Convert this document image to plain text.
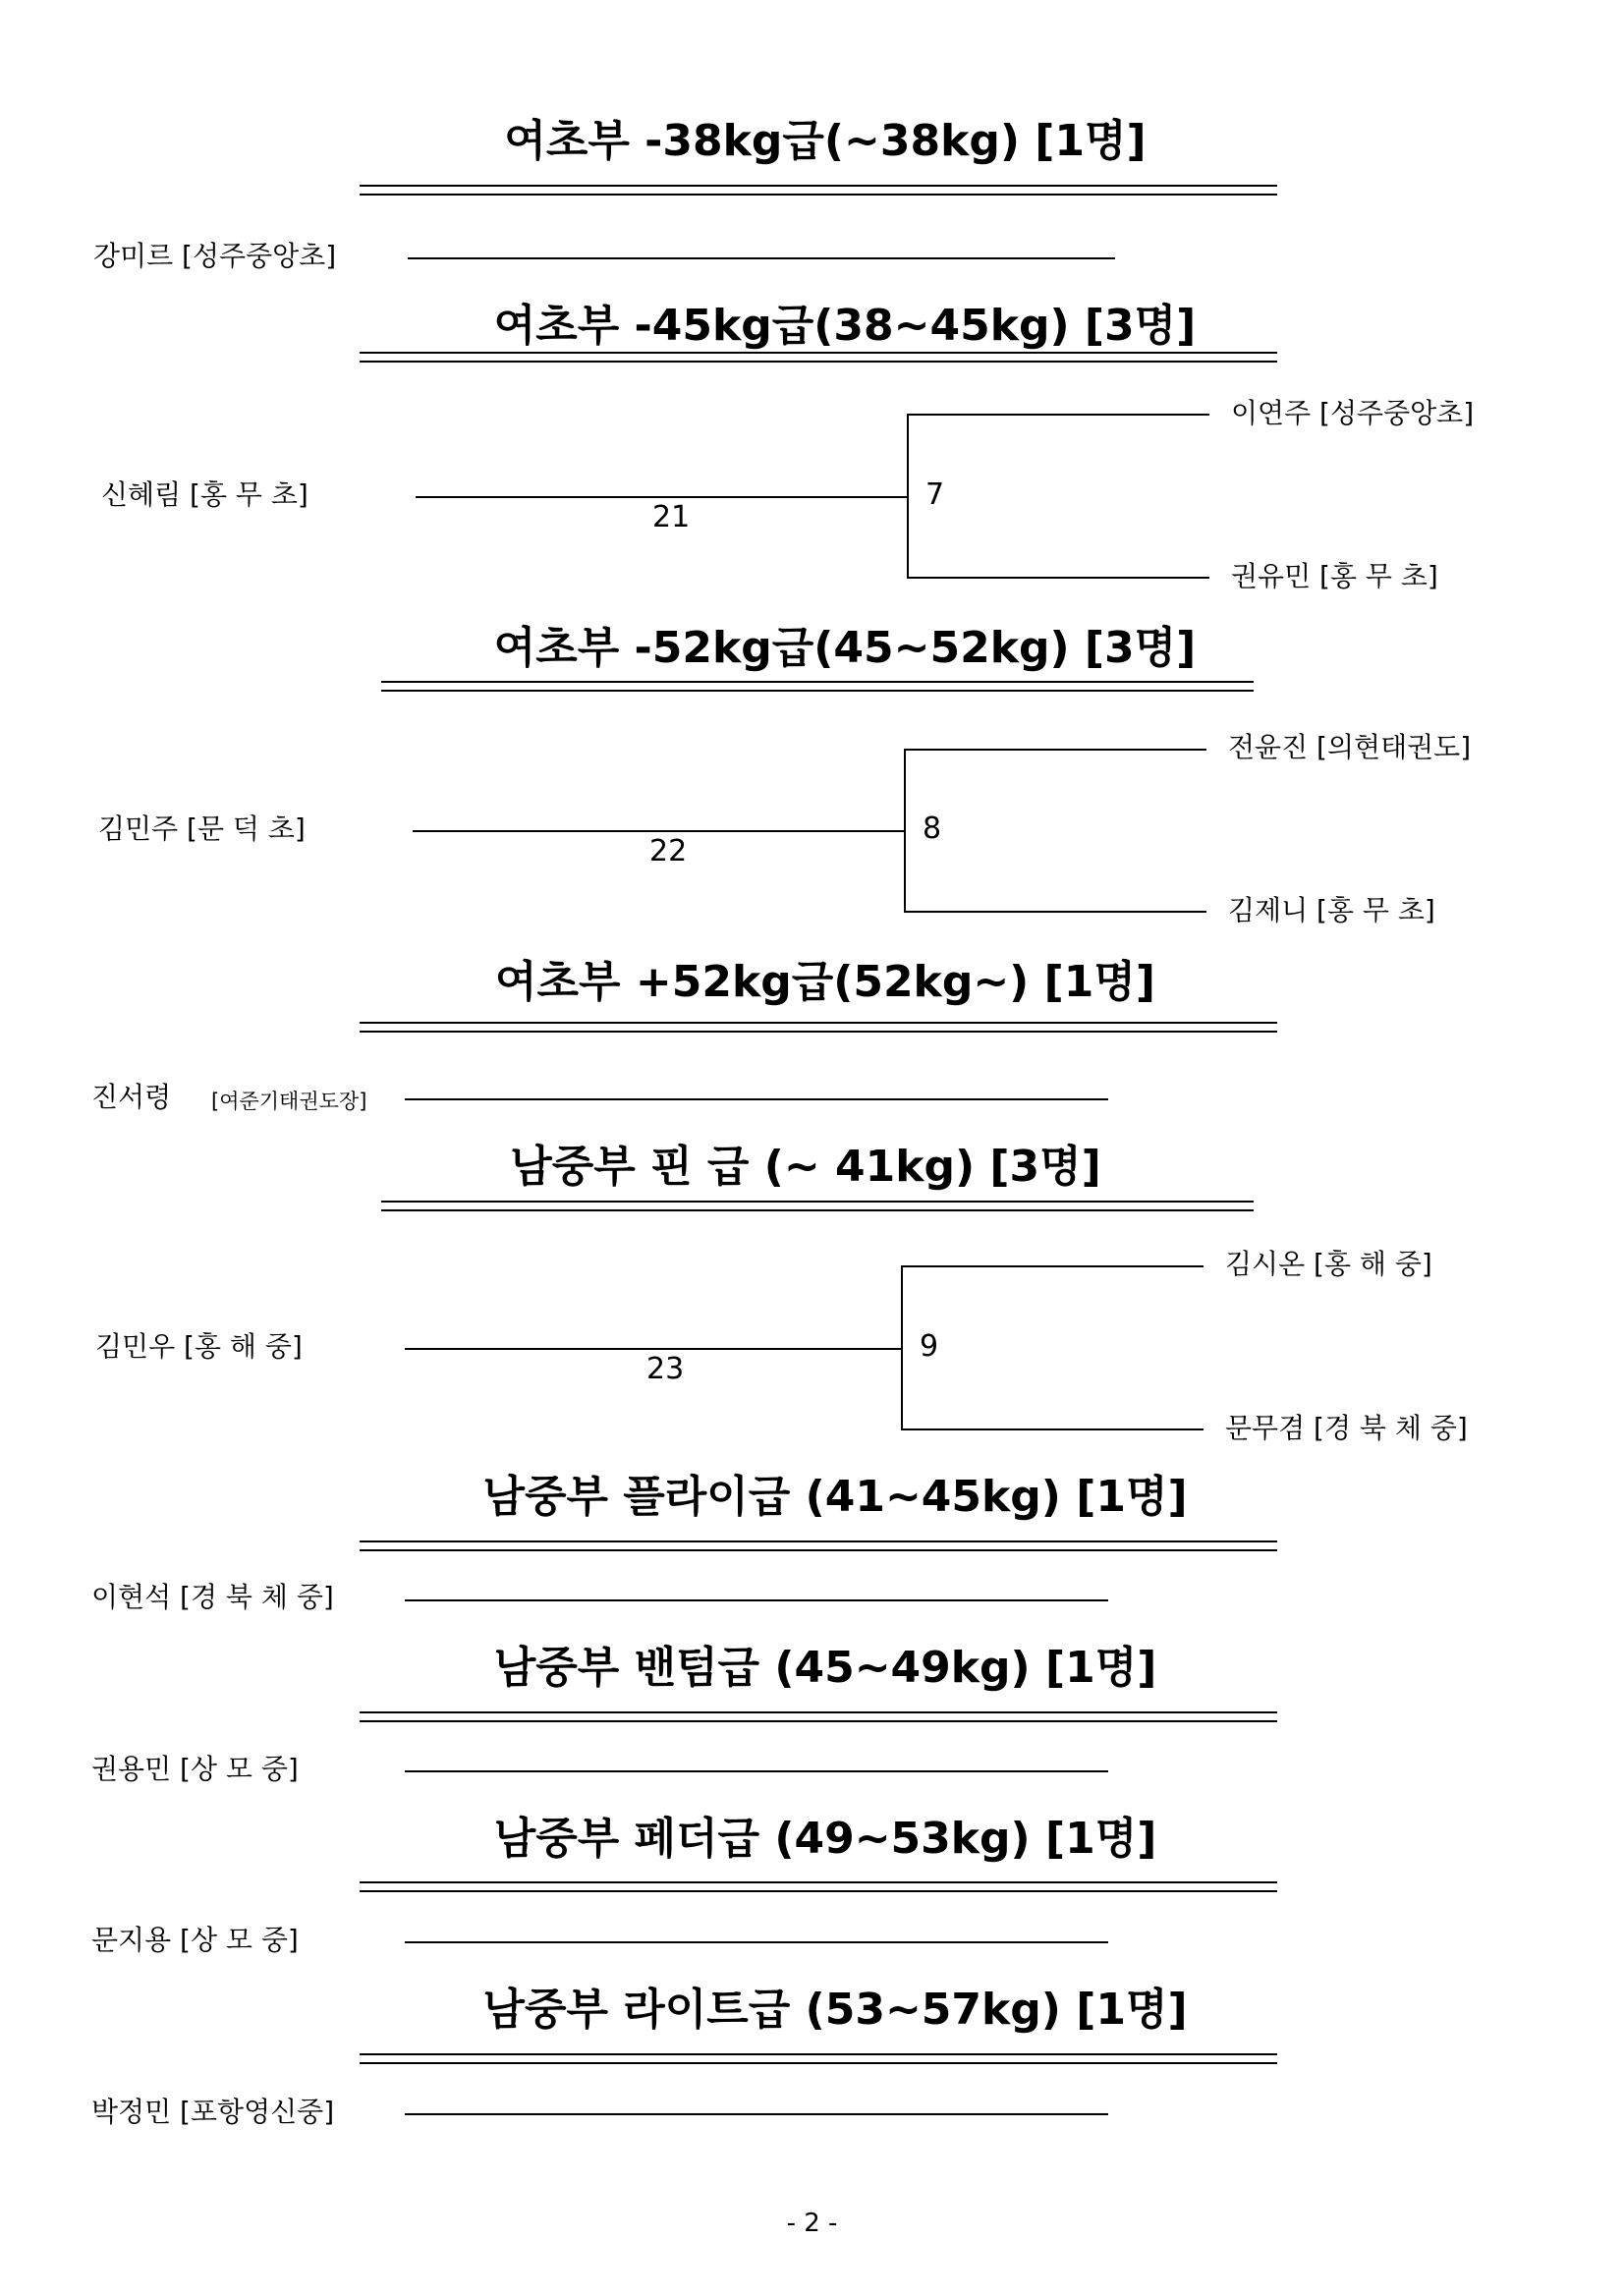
여초부 -38kg급(~38kg) [1명]
강미르 [성주중앙초]
여초부 -45kg급(38~45kg) [3명]
이연주 [성주중앙초]
신혜림 [홍 무 초]
권유민 [홍 무 초]
21
7
여초부 -52kg급(45~52kg) [3명]
전윤진 [의현태권도]
김민주 [문 덕 초]
김제니 [홍 무 초]
22
8
여초부 +52kg급(52kg~) [1명]
진서령 [여준기태권도장]
남중부 핀 급 (~ 41kg) [3명]
김시온 [홍 해 중]
김민우 [홍 해 중]
문무겸 [경 북 체 중]
23
9
남중부 플라이급 (41~45kg) [1명]
이현석 [경 북 체 중]
남중부 밴텀급 (45~49kg) [1명]
권용민 [상 모 중]
남중부 페더급 (49~53kg) [1명]
문지용 [상 모 중]
남중부 라이트급 (53~57kg) [1명]
박정민 [포항영신중]
- 2 -
